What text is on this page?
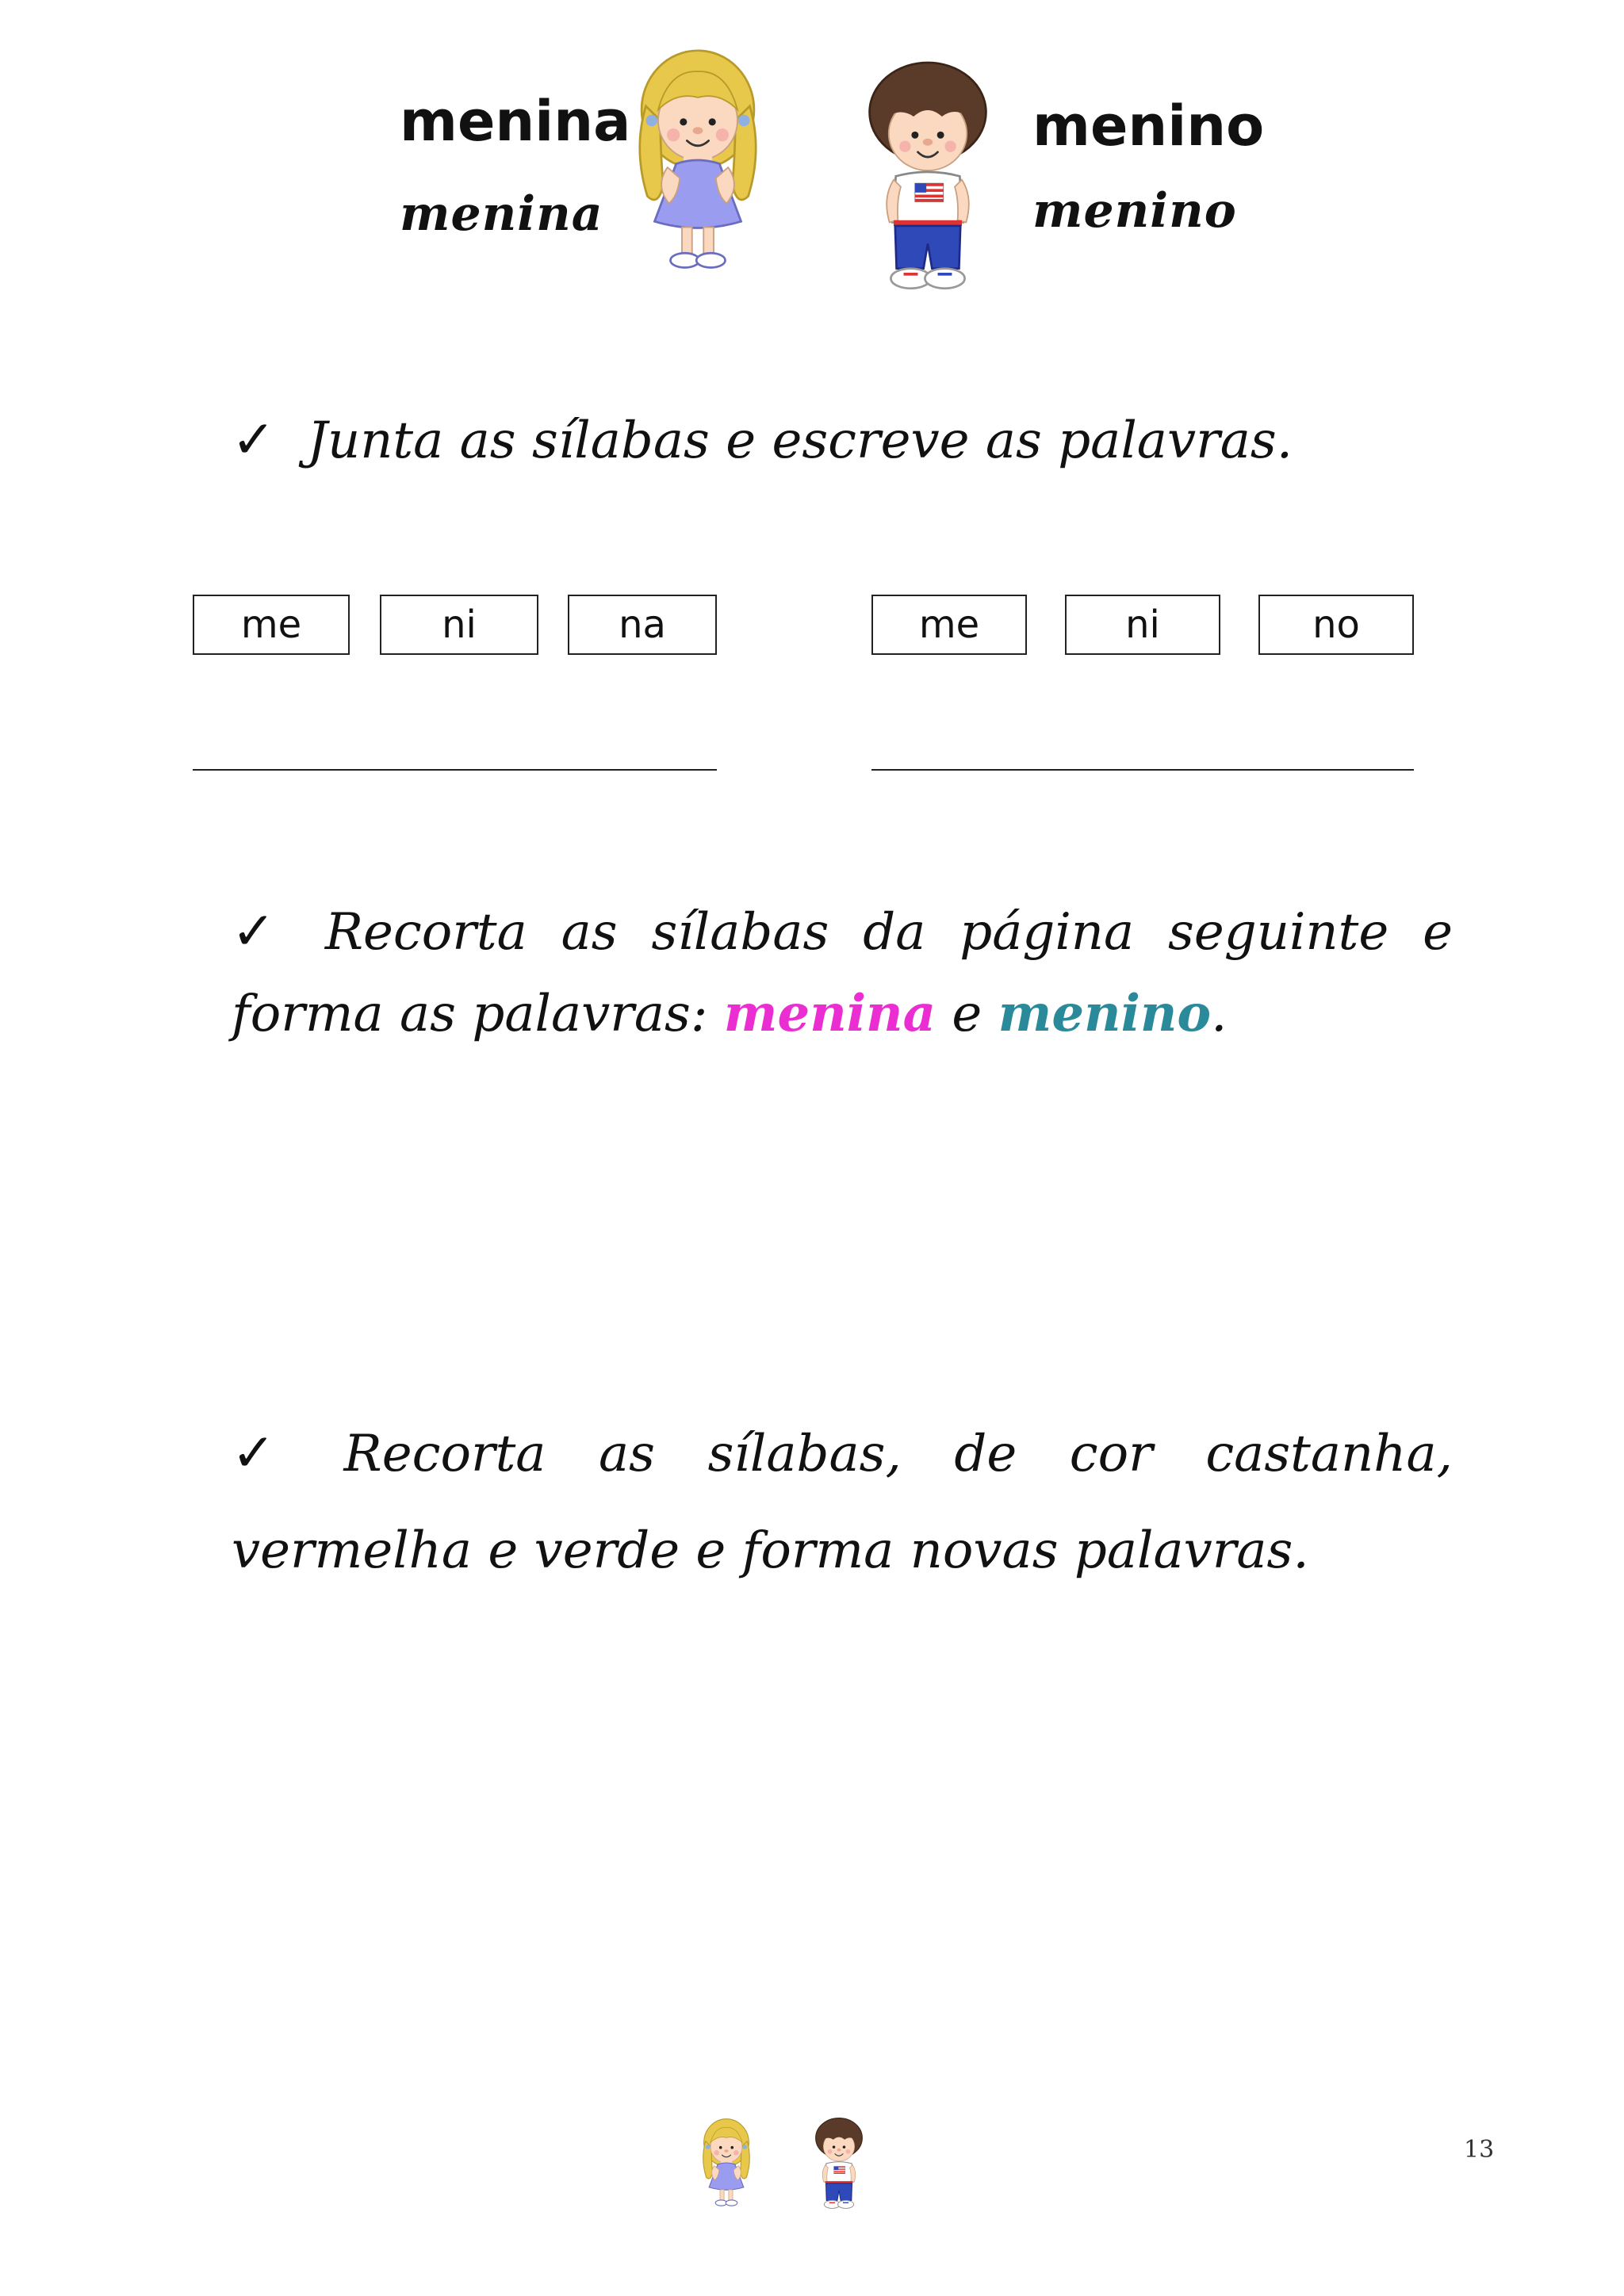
menina
menina
menino
menino

✓ Junta as sílabas e escreve as palavras.

me	ni	na	me	ni	no

✓ Recorta as sílabas da página seguinte e forma as palavras: menina e menino.

✓ Recorta as sílabas, de cor castanha, vermelha e verde e forma novas palavras.

13
